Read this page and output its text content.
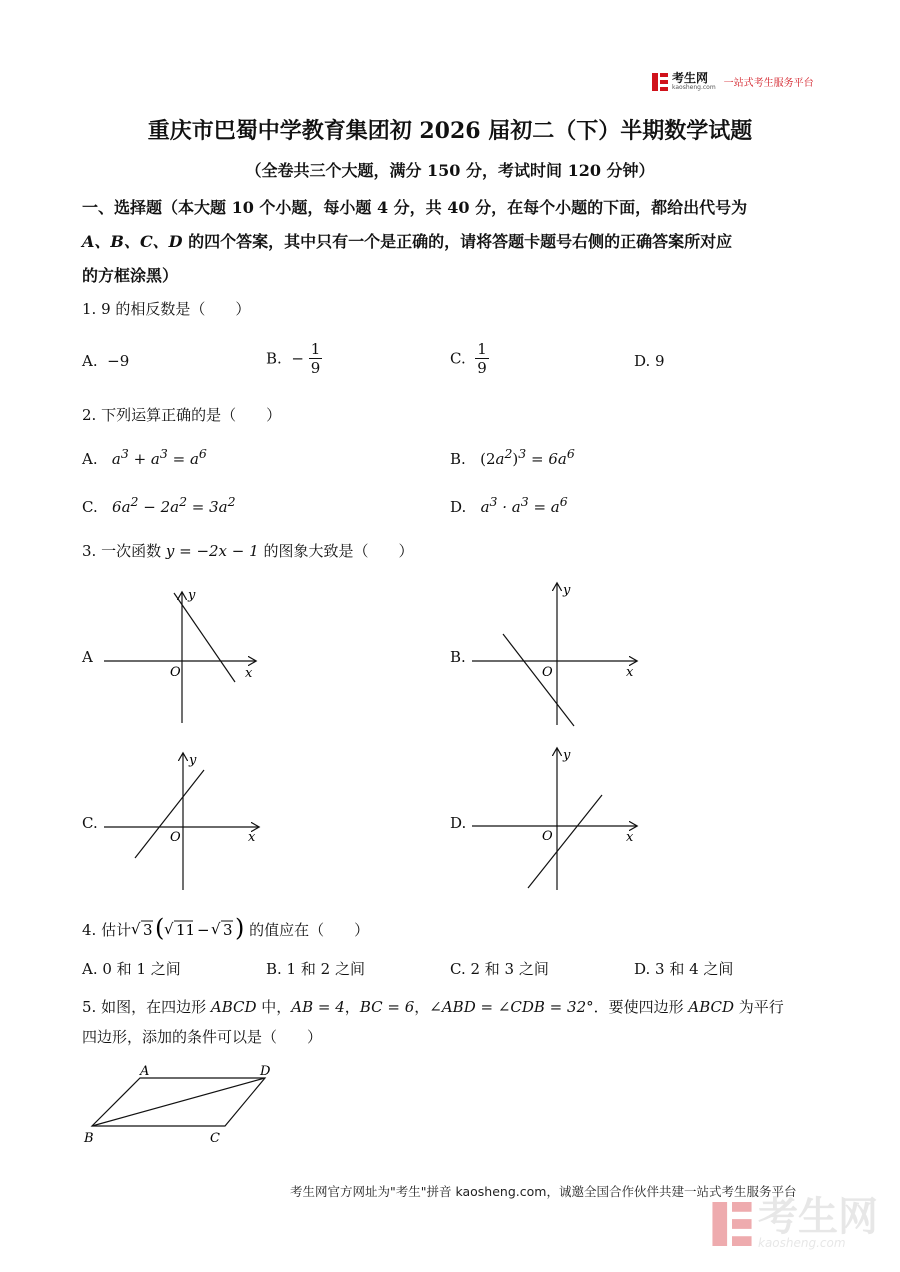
考生网
kaosheng.com 一站式考生服务平台
重庆市巴蜀中学教育集团初 2026 届初二（下）半期数学试题
（全卷共三个大题，满分 150 分，考试时间 120 分钟）
一、选择题（本大题 10 个小题，每小题 4 分，共 40 分，在每个小题的下面，都给出代号为
A、B、C、D 的四个答案，其中只有一个是正确的，请将答题卡题号右侧的正确答案所对应
的方框涂黑）
1. 9 的相反数是（　　）
A. −9	B. − $\frac{1}{9}$	C. $\frac{1}{9}$	D. 9
2. 下列运算正确的是（　　）
A. $a^3 + a^3 = a^6$	B. $(2a^2)^3 = 6a^6$
C. $6a^2 - 2a^2 = 3a^2$	D. $a^3 \cdot a^3 = a^6$
3. 一次函数 y = −2x − 1 的图象大致是（　　）
A
O	x
y
B.
O	x
y
C.
O	x
y
D.
O	x
y
4. 估计 √ 3 ( √ 11 − √ 3 ) 的值应在（　　）
A. 0 和 1 之间	B. 1 和 2 之间	C. 2 和 3 之间	D. 3 和 4 之间
5. 如图，在四边形 ABCD 中，AB = 4，BC = 6，∠ABD = ∠CDB = 32°．要使四边形 ABCD 为平行
四边形，添加的条件可以是（　　）
A	D
B	C
考生网官方网址为"考生"拼音 kaosheng.com，诚邀全国合作伙伴共建一站式考生服务平台
考生网
kaosheng.com
